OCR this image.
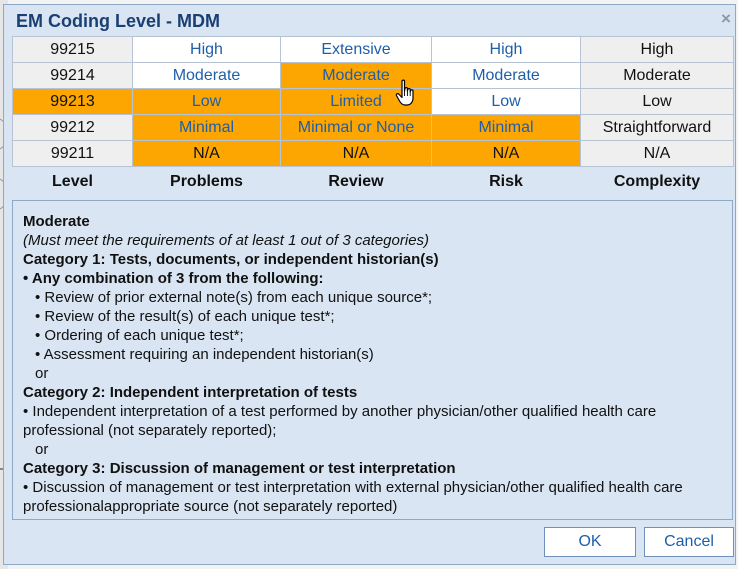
EM Coding Level - MDM	×
99215	High	Extensive	High	High
99214	Moderate	Moderate	Moderate	Moderate
99213	Low	Limited	Low	Low
99212	Minimal	Minimal or None	Minimal	Straightforward
99211	N/A	N/A	N/A	N/A
Level	Problems	Review	Risk	Complexity
Moderate
(Must meet the requirements of at least 1 out of 3 categories)
Category 1: Tests, documents, or independent historian(s)
• Any combination of 3 from the following:
• Review of prior external note(s) from each unique source*;
• Review of the result(s) of each unique test*;
• Ordering of each unique test*;
• Assessment requiring an independent historian(s)
or
Category 2: Independent interpretation of tests
• Independent interpretation of a test performed by another physician/other qualified health care professional (not separately reported);
or
Category 3: Discussion of management or test interpretation
• Discussion of management or test interpretation with external physician/other qualified health care professionalappropriate source (not separately reported)
OK	Cancel
